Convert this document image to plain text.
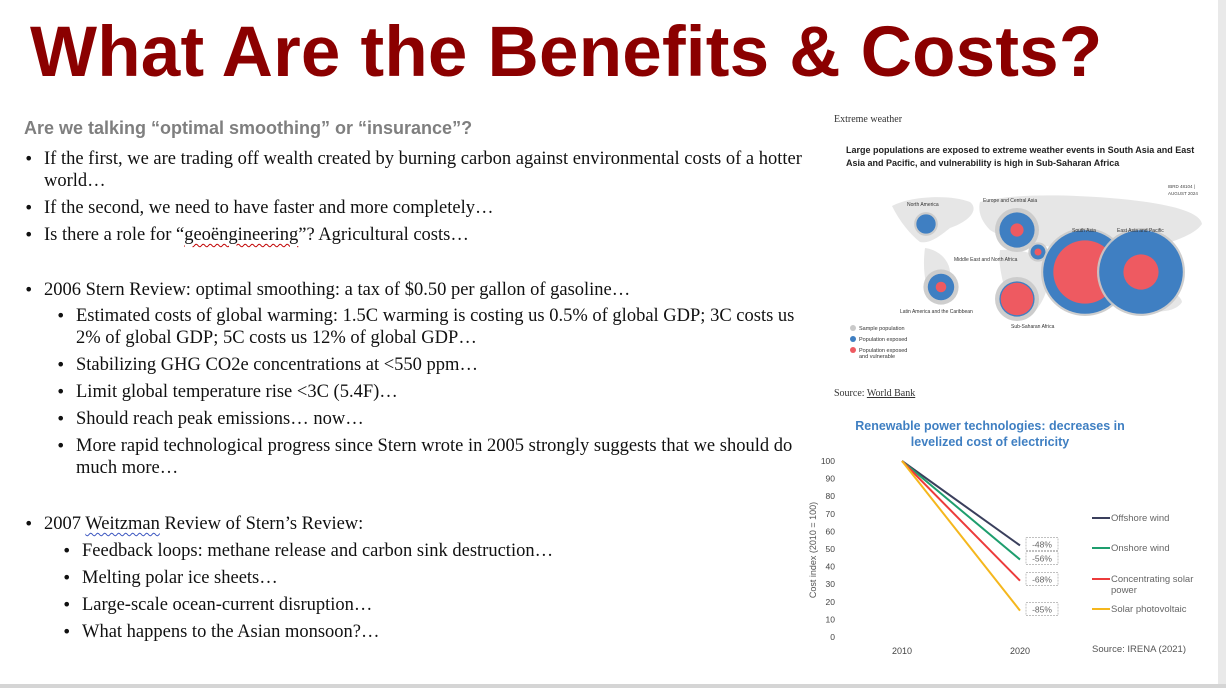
What Are the Benefits & Costs?
Are we talking “optimal smoothing” or “insurance”?
• If the first, we are trading off wealth created by burning carbon against environmental costs of a hotter world…
• If the second, we need to have faster and more completely…
• Is there a role for “geoëngineering”? Agricultural costs…
• 2006 Stern Review: optimal smoothing: a tax of $0.50 per gallon of gasoline…
• Estimated costs of global warming: 1.5C warming is costing us 0.5% of global GDP; 3C costs us 2% of global GDP; 5C costs us 12% of global GDP…
• Stabilizing GHG CO2e concentrations at <550 ppm…
• Limit global temperature rise <3C (5.4F)…
• Should reach peak emissions… now…
• More rapid technological progress since Stern wrote in 2005 strongly suggests that we should do much more…
• 2007 Weitzman Review of Stern’s Review:
• Feedback loops: methane release and carbon sink destruction…
• Melting polar ice sheets…
• Large-scale ocean-current disruption…
• What happens to the Asian monsoon?…
Extreme weather
Large populations are exposed to extreme weather events in South Asia and East Asia and Pacific, and vulnerability is high in Sub-Saharan Africa
North America
Europe and Central Asia
Middle East and North Africa
Latin America and the Caribbean
Sub-Saharan Africa
South Asia	East Asia and Pacific
IBRD 48104 |
AUGUST 2024
Sample population
Population exposed
Population exposed and vulnerable
Source: World Bank
Renewable power technologies: decreases in
levelized cost of electricity
Cost index (2010 = 100)
0
10
20
30
40
50
60
70
80
90
100
2010	2020
-48%
-56%
-68%
-85%
Offshore wind
Onshore wind
Concentrating solar power
Solar photovoltaic
Source: IRENA (2021)
